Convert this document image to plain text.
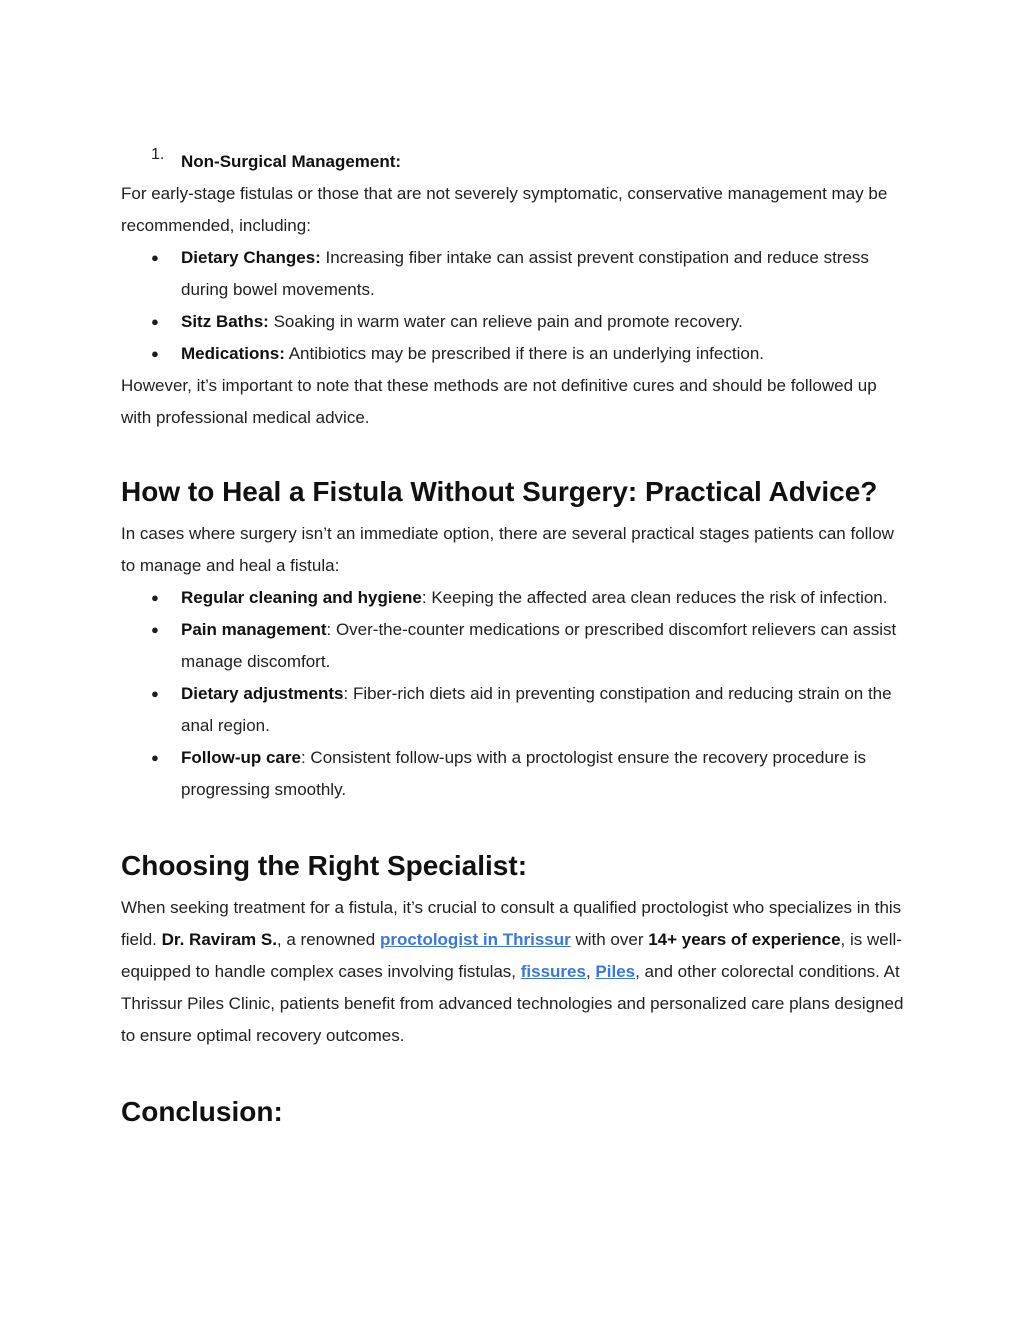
1. Non-Surgical Management:

For early-stage fistulas or those that are not severely symptomatic, conservative management may be recommended, including:

● Dietary Changes: Increasing fiber intake can assist prevent constipation and reduce stress during bowel movements.
● Sitz Baths: Soaking in warm water can relieve pain and promote recovery.
● Medications: Antibiotics may be prescribed if there is an underlying infection.

However, it’s important to note that these methods are not definitive cures and should be followed up with professional medical advice.

How to Heal a Fistula Without Surgery: Practical Advice?

In cases where surgery isn’t an immediate option, there are several practical stages patients can follow to manage and heal a fistula:

● Regular cleaning and hygiene: Keeping the affected area clean reduces the risk of infection.
● Pain management: Over-the-counter medications or prescribed discomfort relievers can assist manage discomfort.
● Dietary adjustments: Fiber-rich diets aid in preventing constipation and reducing strain on the anal region.
● Follow-up care: Consistent follow-ups with a proctologist ensure the recovery procedure is progressing smoothly.
Choosing the Right Specialist:

When seeking treatment for a fistula, it’s crucial to consult a qualified proctologist who specializes in this field. Dr. Raviram S., a renowned proctologist in Thrissur with over 14+ years of experience, is well-equipped to handle complex cases involving fistulas, fissures, Piles, and other colorectal conditions. At Thrissur Piles Clinic, patients benefit from advanced technologies and personalized care plans designed to ensure optimal recovery outcomes.

Conclusion:
